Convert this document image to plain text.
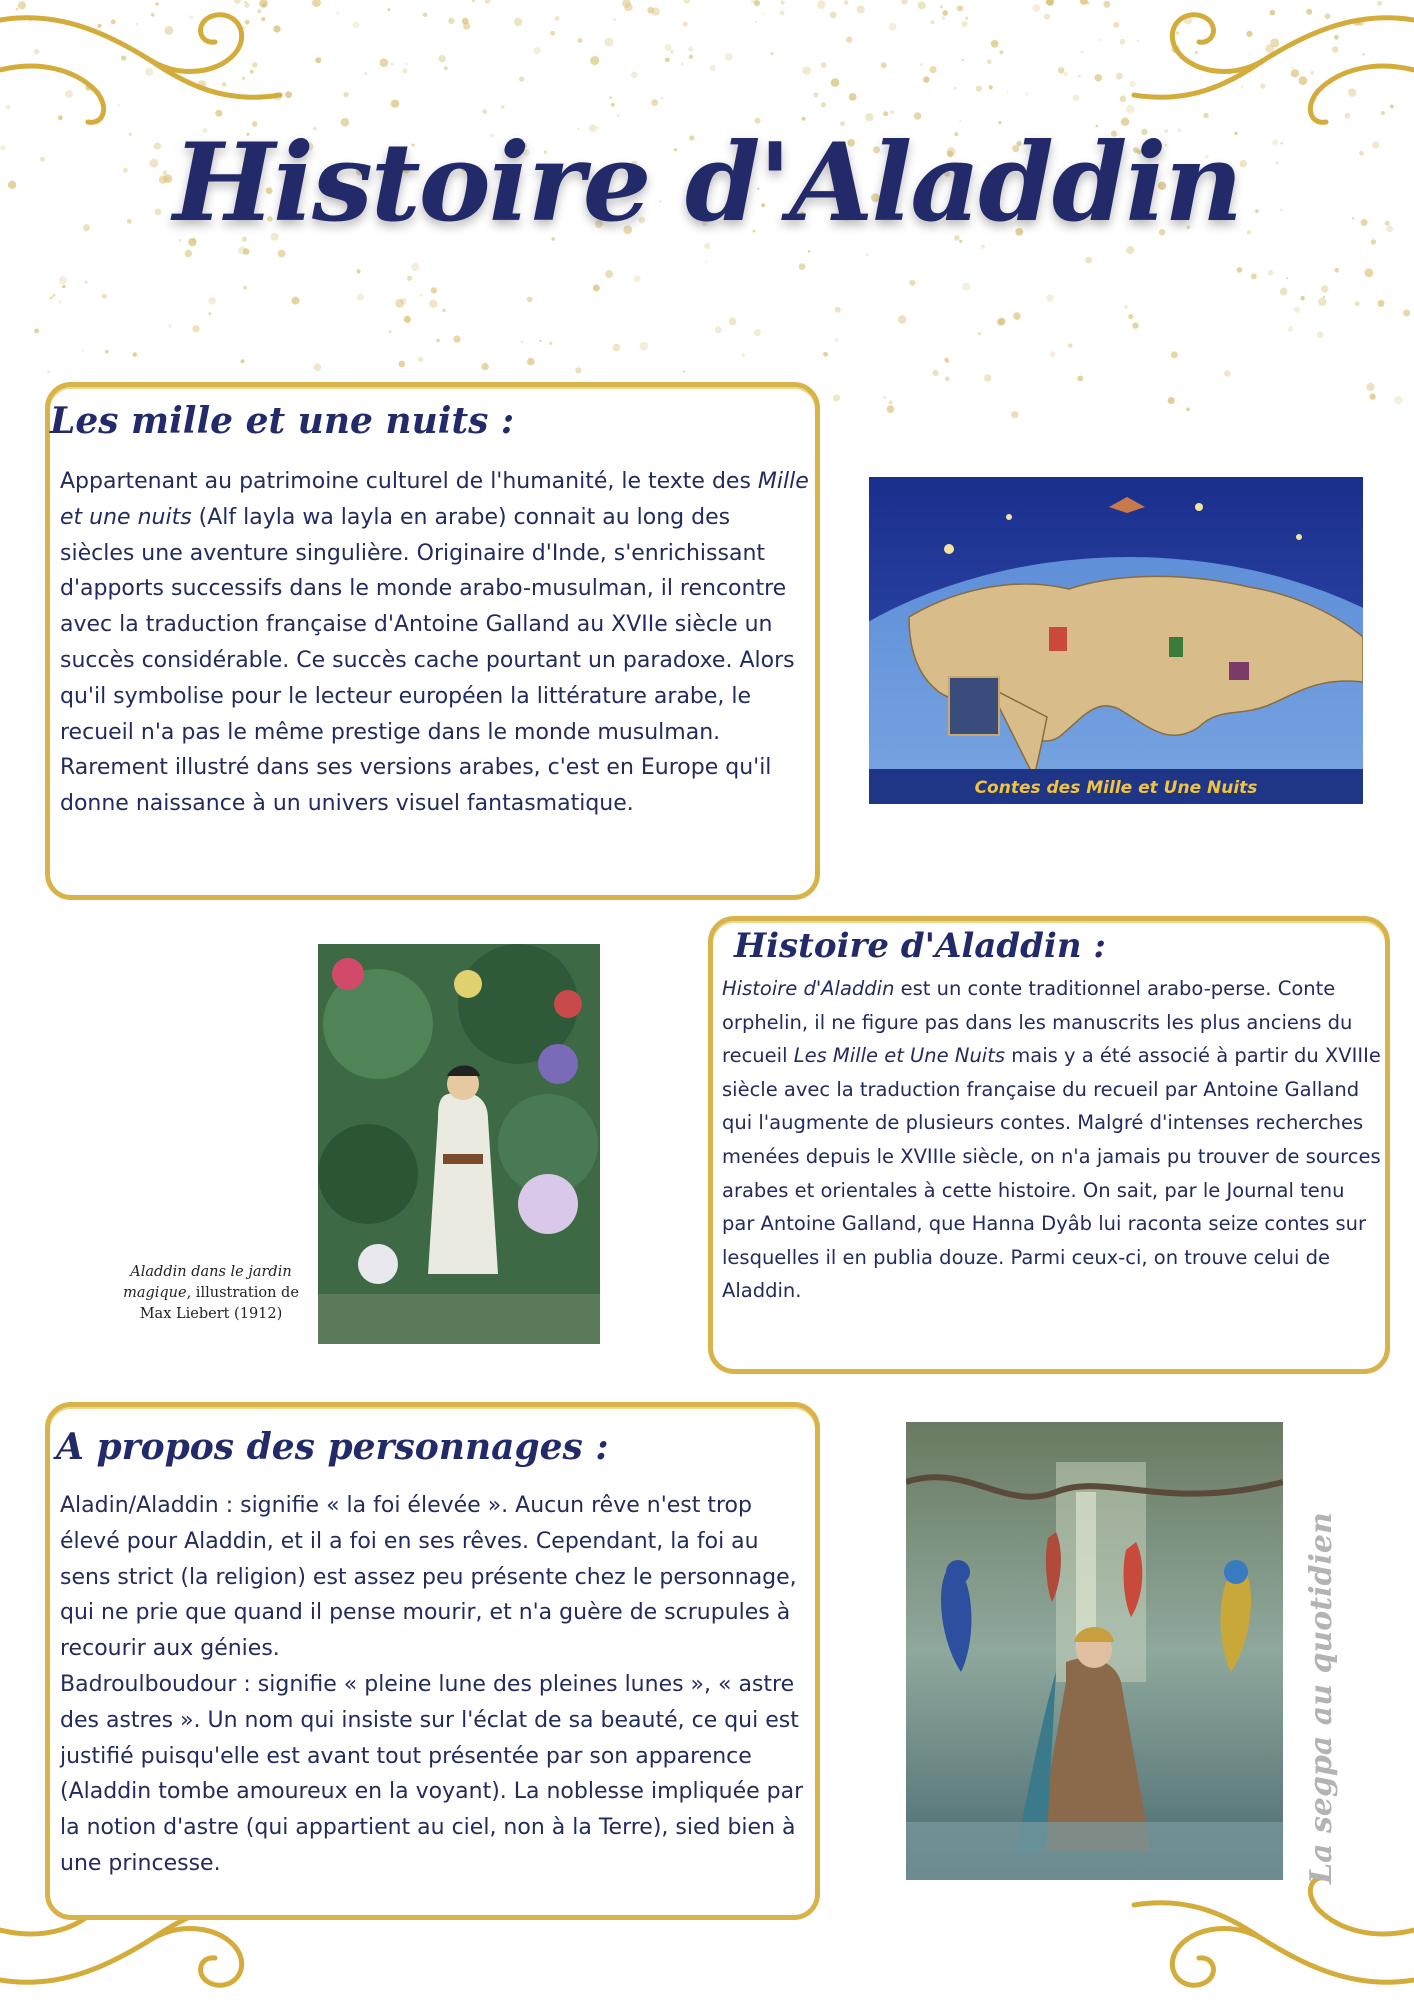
Histoire d'Aladdin
Les mille et une nuits :

Appartenant au patrimoine culturel de l'humanité, le texte des Mille et une nuits (Alf layla wa layla en arabe) connait au long des siècles une aventure singulière. Originaire d'Inde, s'enrichissant d'apports successifs dans le monde arabo-musulman, il rencontre avec la traduction française d'Antoine Galland au XVIIe siècle un succès considérable. Ce succès cache pourtant un paradoxe. Alors qu'il symbolise pour le lecteur européen la littérature arabe, le recueil n'a pas le même prestige dans le monde musulman. Rarement illustré dans ses versions arabes, c'est en Europe qu'il donne naissance à un univers visuel fantasmatique.

Contes des Mille et Une Nuits
Histoire d'Aladdin :

Histoire d'Aladdin est un conte traditionnel arabo-perse. Conte orphelin, il ne figure pas dans les manuscrits les plus anciens du recueil Les Mille et Une Nuits mais y a été associé à partir du XVIIIe siècle avec la traduction française du recueil par Antoine Galland qui l'augmente de plusieurs contes. Malgré d'intenses recherches menées depuis le XVIIIe siècle, on n'a jamais pu trouver de sources arabes et orientales à cette histoire. On sait, par le Journal tenu par Antoine Galland, que Hanna Dyâb lui raconta seize contes sur lesquelles il en publia douze. Parmi ceux-ci, on trouve celui de Aladdin.

Aladdin dans le jardin magique, illustration de Max Liebert (1912)
A propos des personnages :

Aladin/Aladdin : signifie « la foi élevée ». Aucun rêve n'est trop élevé pour Aladdin, et il a foi en ses rêves. Cependant, la foi au sens strict (la religion) est assez peu présente chez le personnage, qui ne prie que quand il pense mourir, et n'a guère de scrupules à recourir aux génies.

Badroulboudour : signifie « pleine lune des pleines lunes », « astre des astres ». Un nom qui insiste sur l'éclat de sa beauté, ce qui est justifié puisqu'elle est avant tout présentée par son apparence (Aladdin tombe amoureux en la voyant). La noblesse impliquée par la notion d'astre (qui appartient au ciel, non à la Terre), sied bien à une princesse.	La segpa au quotidien
